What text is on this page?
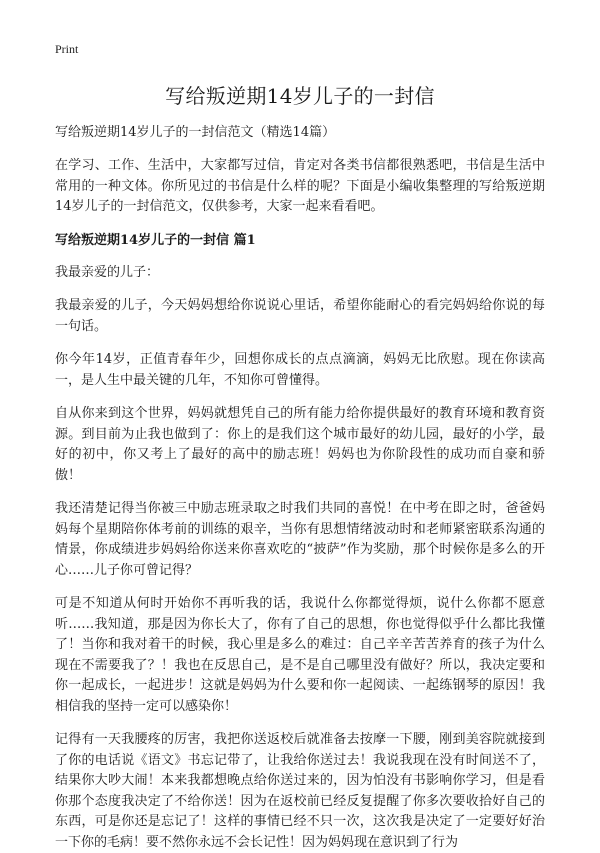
Print
写给叛逆期14岁儿子的一封信

写给叛逆期14岁儿子的一封信范文（精选14篇）

在学习、工作、生活中，大家都写过信，肯定对各类书信都很熟悉吧，书信是生活中常用的一种文体。你所见过的书信是什么样的呢？下面是小编收集整理的写给叛逆期14岁儿子的一封信范文，仅供参考，大家一起来看看吧。

写给叛逆期14岁儿子的一封信 篇1

我最亲爱的儿子：

我最亲爱的儿子，今天妈妈想给你说说心里话，希望你能耐心的看完妈妈给你说的每一句话。

你今年14岁，正值青春年少，回想你成长的点点滴滴，妈妈无比欣慰。现在你读高一，是人生中最关键的几年，不知你可曾懂得。

自从你来到这个世界，妈妈就想凭自己的所有能力给你提供最好的教育环境和教育资源。到目前为止我也做到了：你上的是我们这个城市最好的幼儿园，最好的小学，最好的初中，你又考上了最好的高中的励志班！妈妈也为你阶段性的成功而自豪和骄傲！

我还清楚记得当你被三中励志班录取之时我们共同的喜悦！在中考在即之时，爸爸妈妈每个星期陪你体考前的训练的艰辛，当你有思想情绪波动时和老师紧密联系沟通的情景，你成绩进步妈妈给你送来你喜欢吃的“披萨”作为奖励，那个时候你是多么的开心……儿子你可曾记得？

可是不知道从何时开始你不再听我的话，我说什么你都觉得烦，说什么你都不愿意听……我知道，那是因为你长大了，你有了自己的思想，你也觉得似乎什么都比我懂了！当你和我对着干的时候，我心里是多么的难过：自己辛辛苦苦养育的孩子为什么现在不需要我了？！我也在反思自己，是不是自己哪里没有做好？所以，我决定要和你一起成长，一起进步！这就是妈妈为什么要和你一起阅读、一起练钢琴的原因！我相信我的坚持一定可以感染你！

记得有一天我腰疼的厉害，我把你送返校后就准备去按摩一下腰，刚到美容院就接到了你的电话说《语文》书忘记带了，让我给你送过去！我说我现在没有时间送不了，结果你大吵大闹！本来我都想晚点给你送过来的，因为怕没有书影响你学习，但是看你那个态度我决定了不给你送！因为在返校前已经反复提醒了你多次要收拾好自己的东西，可是你还是忘记了！这样的事情已经不只一次，这次我是决定了一定要好好治一下你的毛病！要不然你永远不会长记性！因为妈妈现在意识到了行为
